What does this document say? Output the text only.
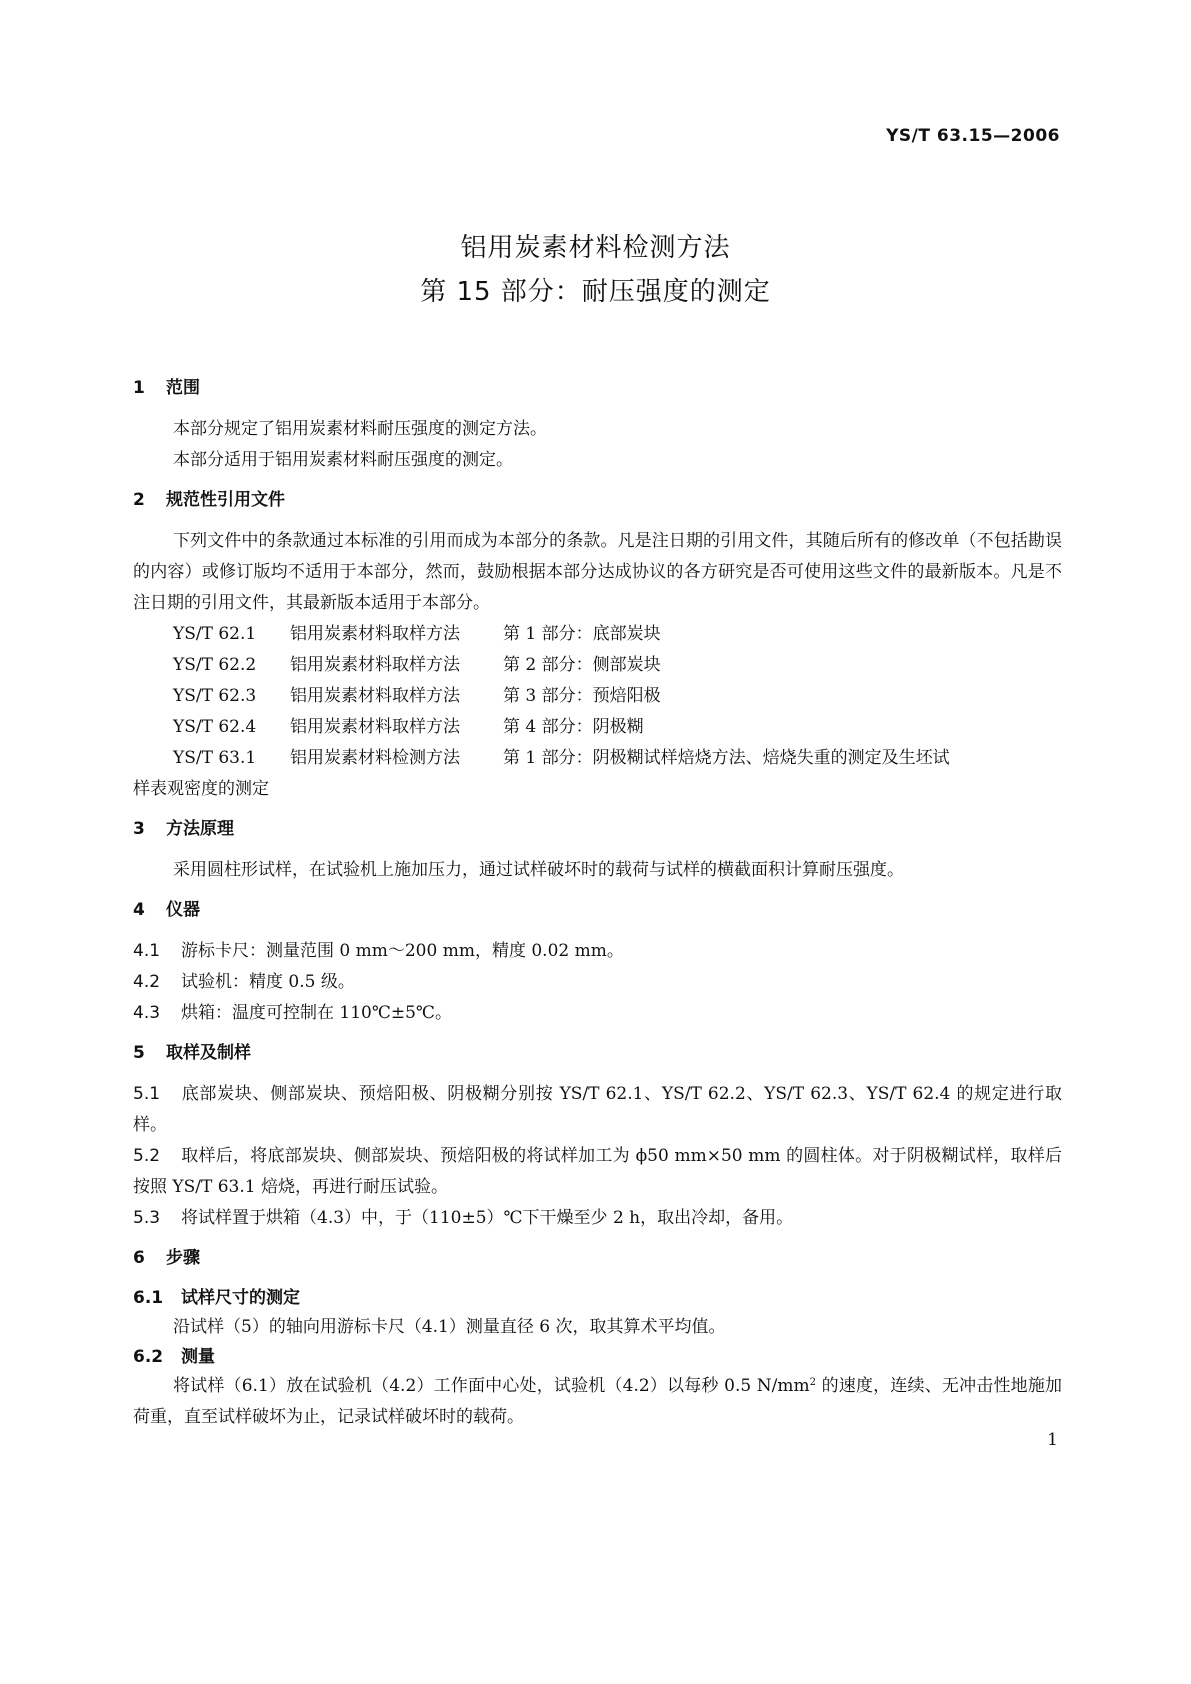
YS/T 63.15—2006
铝用炭素材料检测方法
第 15 部分：耐压强度的测定
1 范围

本部分规定了铝用炭素材料耐压强度的测定方法。

本部分适用于铝用炭素材料耐压强度的测定。

2 规范性引用文件

下列文件中的条款通过本标准的引用而成为本部分的条款。凡是注日期的引用文件，其随后所有的修改单（不包括勘误的内容）或修订版均不适用于本部分，然而，鼓励根据本部分达成协议的各方研究是否可使用这些文件的最新版本。凡是不注日期的引用文件，其最新版本适用于本部分。

YS/T 62.1 铝用炭素材料取样方法	第 1 部分：底部炭块
YS/T 62.2 铝用炭素材料取样方法	第 2 部分：侧部炭块
YS/T 62.3 铝用炭素材料取样方法	第 3 部分：预焙阳极
YS/T 62.4 铝用炭素材料取样方法	第 4 部分：阴极糊
YS/T 63.1 铝用炭素材料检测方法	第 1 部分：阴极糊试样焙烧方法、焙烧失重的测定及生坯试
样表观密度的测定
3 方法原理

采用圆柱形试样，在试验机上施加压力，通过试样破坏时的载荷与试样的横截面积计算耐压强度。

4 仪器
4.1 游标卡尺：测量范围 0 mm～200 mm，精度 0.02 mm。
4.2 试验机：精度 0.5 级。
4.3 烘箱：温度可控制在 110℃±5℃。
5 取样及制样
5.1 底部炭块、侧部炭块、预焙阳极、阴极糊分别按 YS/T 62.1、YS/T 62.2、YS/T 62.3、YS/T 62.4 的规定进行取样。
5.2 取样后，将底部炭块、侧部炭块、预焙阳极的将试样加工为 ϕ50 mm×50 mm 的圆柱体。对于阴极糊试样，取样后按照 YS/T 63.1 焙烧，再进行耐压试验。
5.3 将试样置于烘箱（4.3）中，于（110±5）℃下干燥至少 2 h，取出冷却，备用。
6 步骤
6.1 试样尺寸的测定

沿试样（5）的轴向用游标卡尺（4.1）测量直径 6 次，取其算术平均值。

6.2 测量

将试样（6.1）放在试验机（4.2）工作面中心处，试验机（4.2）以每秒 0.5 $N/mm^2$ 的速度，连续、无冲击性地施加荷重，直至试样破坏为止，记录试样破坏时的载荷。

1
